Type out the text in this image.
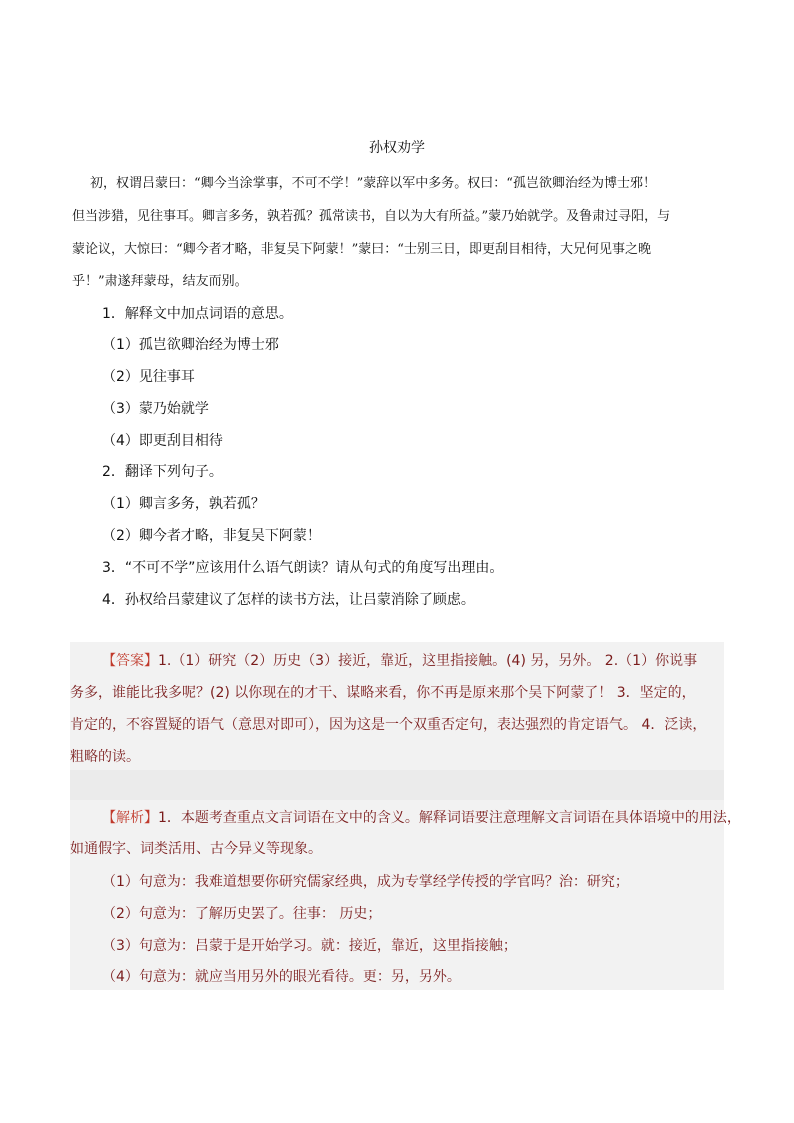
孙权劝学
初，权谓吕蒙曰：“卿今当涂掌事，不可不学！”蒙辞以军中多务。权曰：“孤岂欲卿治经为博士邪！
但当涉猎，见往事耳。卿言多务，孰若孤？孤常读书，自以为大有所益。”蒙乃始就学。及鲁肃过寻阳，与
蒙论议，大惊曰：“卿今者才略，非复吴下阿蒙！”蒙曰：“士别三日，即更刮目相待，大兄何见事之晚
乎！”肃遂拜蒙母，结友而别。
1．解释文中加点词语的意思。
（1）孤岂欲卿治经为博士邪
（2）见往事耳
（3）蒙乃始就学
（4）即更刮目相待
2．翻译下列句子。
（1）卿言多务，孰若孤？
（2）卿今者才略，非复吴下阿蒙！
3．“不可不学”应该用什么语气朗读？请从句式的角度写出理由。
4．孙权给吕蒙建议了怎样的读书方法，让吕蒙消除了顾虑。
【答案】1.（1）研究（2）历史（3）接近，靠近，这里指接触。(4) 另，另外。 2.（1）你说事
务多，谁能比我多呢？(2) 以你现在的才干、谋略来看，你不再是原来那个吴下阿蒙了！ 3．坚定的，
肯定的，不容置疑的语气（意思对即可），因为这是一个双重否定句，表达强烈的肯定语气。 4．泛读，
粗略的读。
【解析】1．本题考查重点文言词语在文中的含义。解释词语要注意理解文言词语在具体语境中的用法，
如通假字、词类活用、古今异义等现象。
（1）句意为：我难道想要你研究儒家经典，成为专掌经学传授的学官吗？治：研究；
（2）句意为：了解历史罢了。往事： 历史；
（3）句意为：吕蒙于是开始学习。就：接近，靠近，这里指接触；
（4）句意为：就应当用另外的眼光看待。更：另，另外。
